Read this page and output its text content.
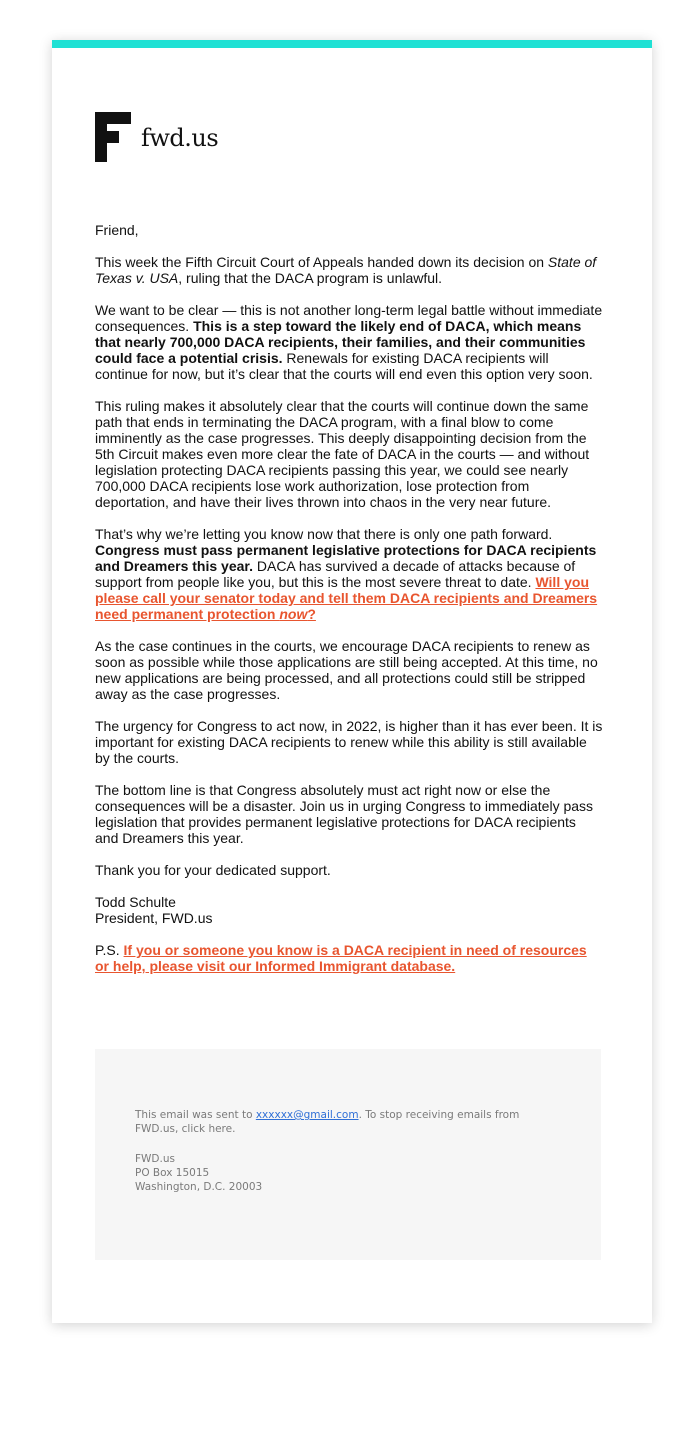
fwd.us

Friend,

This week the Fifth Circuit Court of Appeals handed down its decision on State of Texas v. USA, ruling that the DACA program is unlawful.

We want to be clear — this is not another long-term legal battle without immediate consequences. This is a step toward the likely end of DACA, which means that nearly 700,000 DACA recipients, their families, and their communities could face a potential crisis. Renewals for existing DACA recipients will continue for now, but it’s clear that the courts will end even this option very soon.

This ruling makes it absolutely clear that the courts will continue down the same path that ends in terminating the DACA program, with a final blow to come imminently as the case progresses. This deeply disappointing decision from the 5th Circuit makes even more clear the fate of DACA in the courts — and without legislation protecting DACA recipients passing this year, we could see nearly 700,000 DACA recipients lose work authorization, lose protection from deportation, and have their lives thrown into chaos in the very near future.

That’s why we’re letting you know now that there is only one path forward. Congress must pass permanent legislative protections for DACA recipients and Dreamers this year. DACA has survived a decade of attacks because of support from people like you, but this is the most severe threat to date. Will you please call your senator today and tell them DACA recipients and Dreamers need permanent protection now?

As the case continues in the courts, we encourage DACA recipients to renew as soon as possible while those applications are still being accepted. At this time, no new applications are being processed, and all protections could still be stripped away as the case progresses.

The urgency for Congress to act now, in 2022, is higher than it has ever been. It is important for existing DACA recipients to renew while this ability is still available by the courts.

The bottom line is that Congress absolutely must act right now or else the consequences will be a disaster. Join us in urging Congress to immediately pass legislation that provides permanent legislative protections for DACA recipients and Dreamers this year.

Thank you for your dedicated support.

Todd Schulte
President, FWD.us

P.S. If you or someone you know is a DACA recipient in need of resources or help, please visit our Informed Immigrant database.

This email was sent to xxxxxx@gmail.com. To stop receiving emails from FWD.us, click here.
FWD.us
PO Box 15015
Washington, D.C. 20003
